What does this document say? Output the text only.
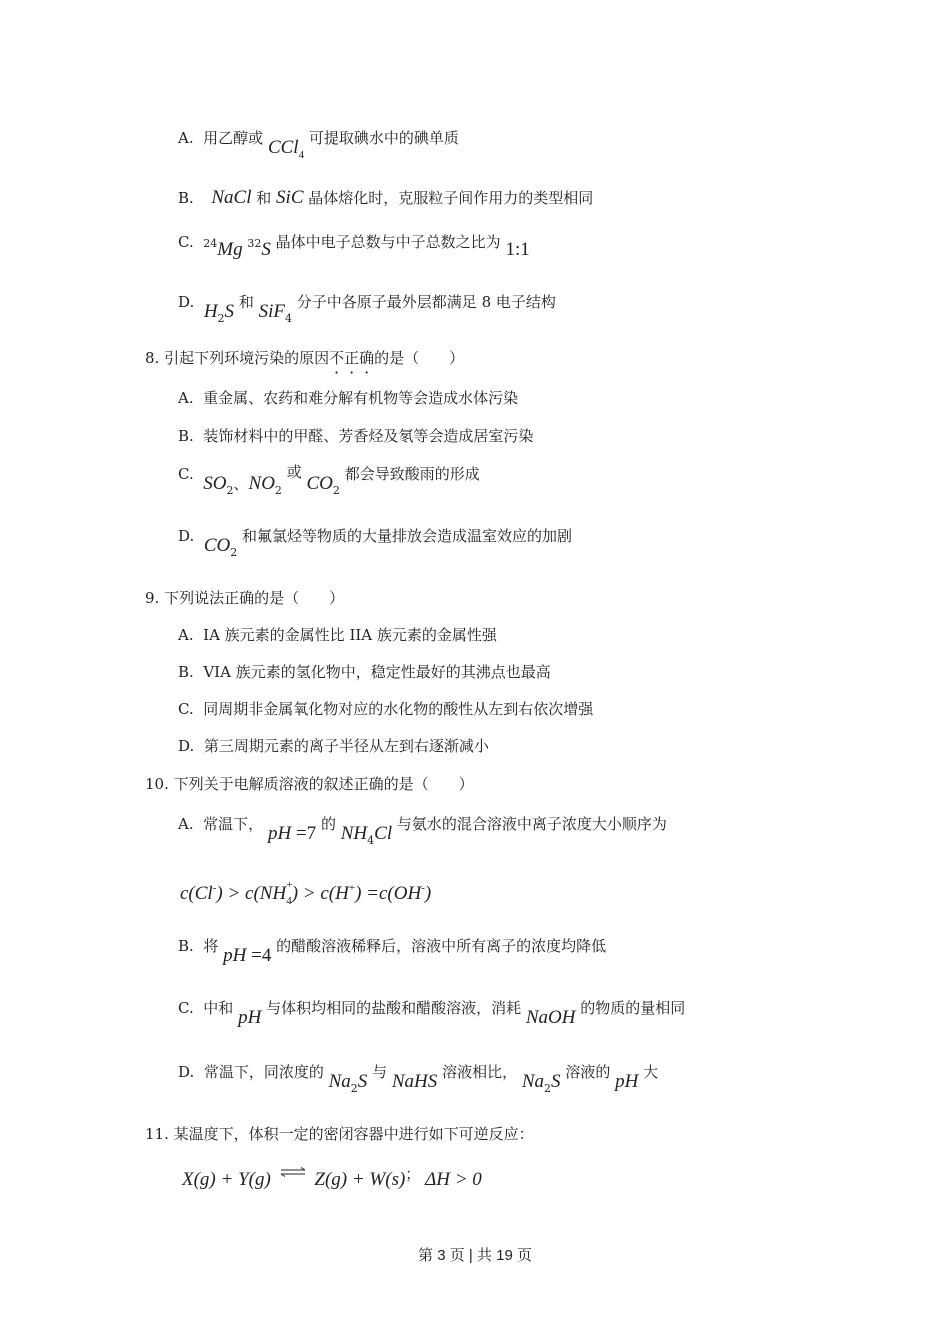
A. 用乙醇或 CCl$_4$ 可提取碘水中的碘单质
B. NaCl 和 SiC 晶体熔化时，克服粒子间作用力的类型相同
C. $^{24}$Mg $^{32}$S 晶体中电子总数与中子总数之比为 1:1
D. $H_2S$ 和 SiF$_4$ 分子中各原子最外层都满足 8 电子结构
8. 引起下列环境污染的原因不正确的是（　　）
A. 重金属、农药和难分解有机物等会造成水体污染
B. 装饰材料中的甲醛、芳香烃及氡等会造成居室污染
C. $SO_2$、$NO_2$ 或 $CO_2$ 都会导致酸雨的形成
D. $CO_2$ 和氟氯烃等物质的大量排放会造成温室效应的加剧
9. 下列说法正确的是（　　）
A. IA 族元素的金属性比 IIA 族元素的金属性强
B. VIA 族元素的氢化物中，稳定性最好的其沸点也最高
C. 同周期非金属氧化物对应的水化物的酸性从左到右依次增强
D. 第三周期元素的离子半径从左到右逐渐减小
10. 下列关于电解质溶液的叙述正确的是（　　）
A. 常温下， pH =7 的 $NH_4Cl$ 与氨水的混合溶液中离子浓度大小顺序为
c(Cl-) > c(NH +
$_4$) > c(H+) =c(OH-)
B. 将 pH =4 的醋酸溶液稀释后，溶液中所有离子的浓度均降低
C. 中和 pH 与体积均相同的盐酸和醋酸溶液，消耗 NaOH 的物质的量相同
D. 常温下，同浓度的 $Na_2S$ 与 NaHS 溶液相比， $Na_2S$ 溶液的 pH 大
11. 某温度下，体积一定的密闭容器中进行如下可逆反应：
X(g) + Y(g) ⇌ Z(g) + W(s)； ΔH > 0
第 3 页 | 共 19 页
